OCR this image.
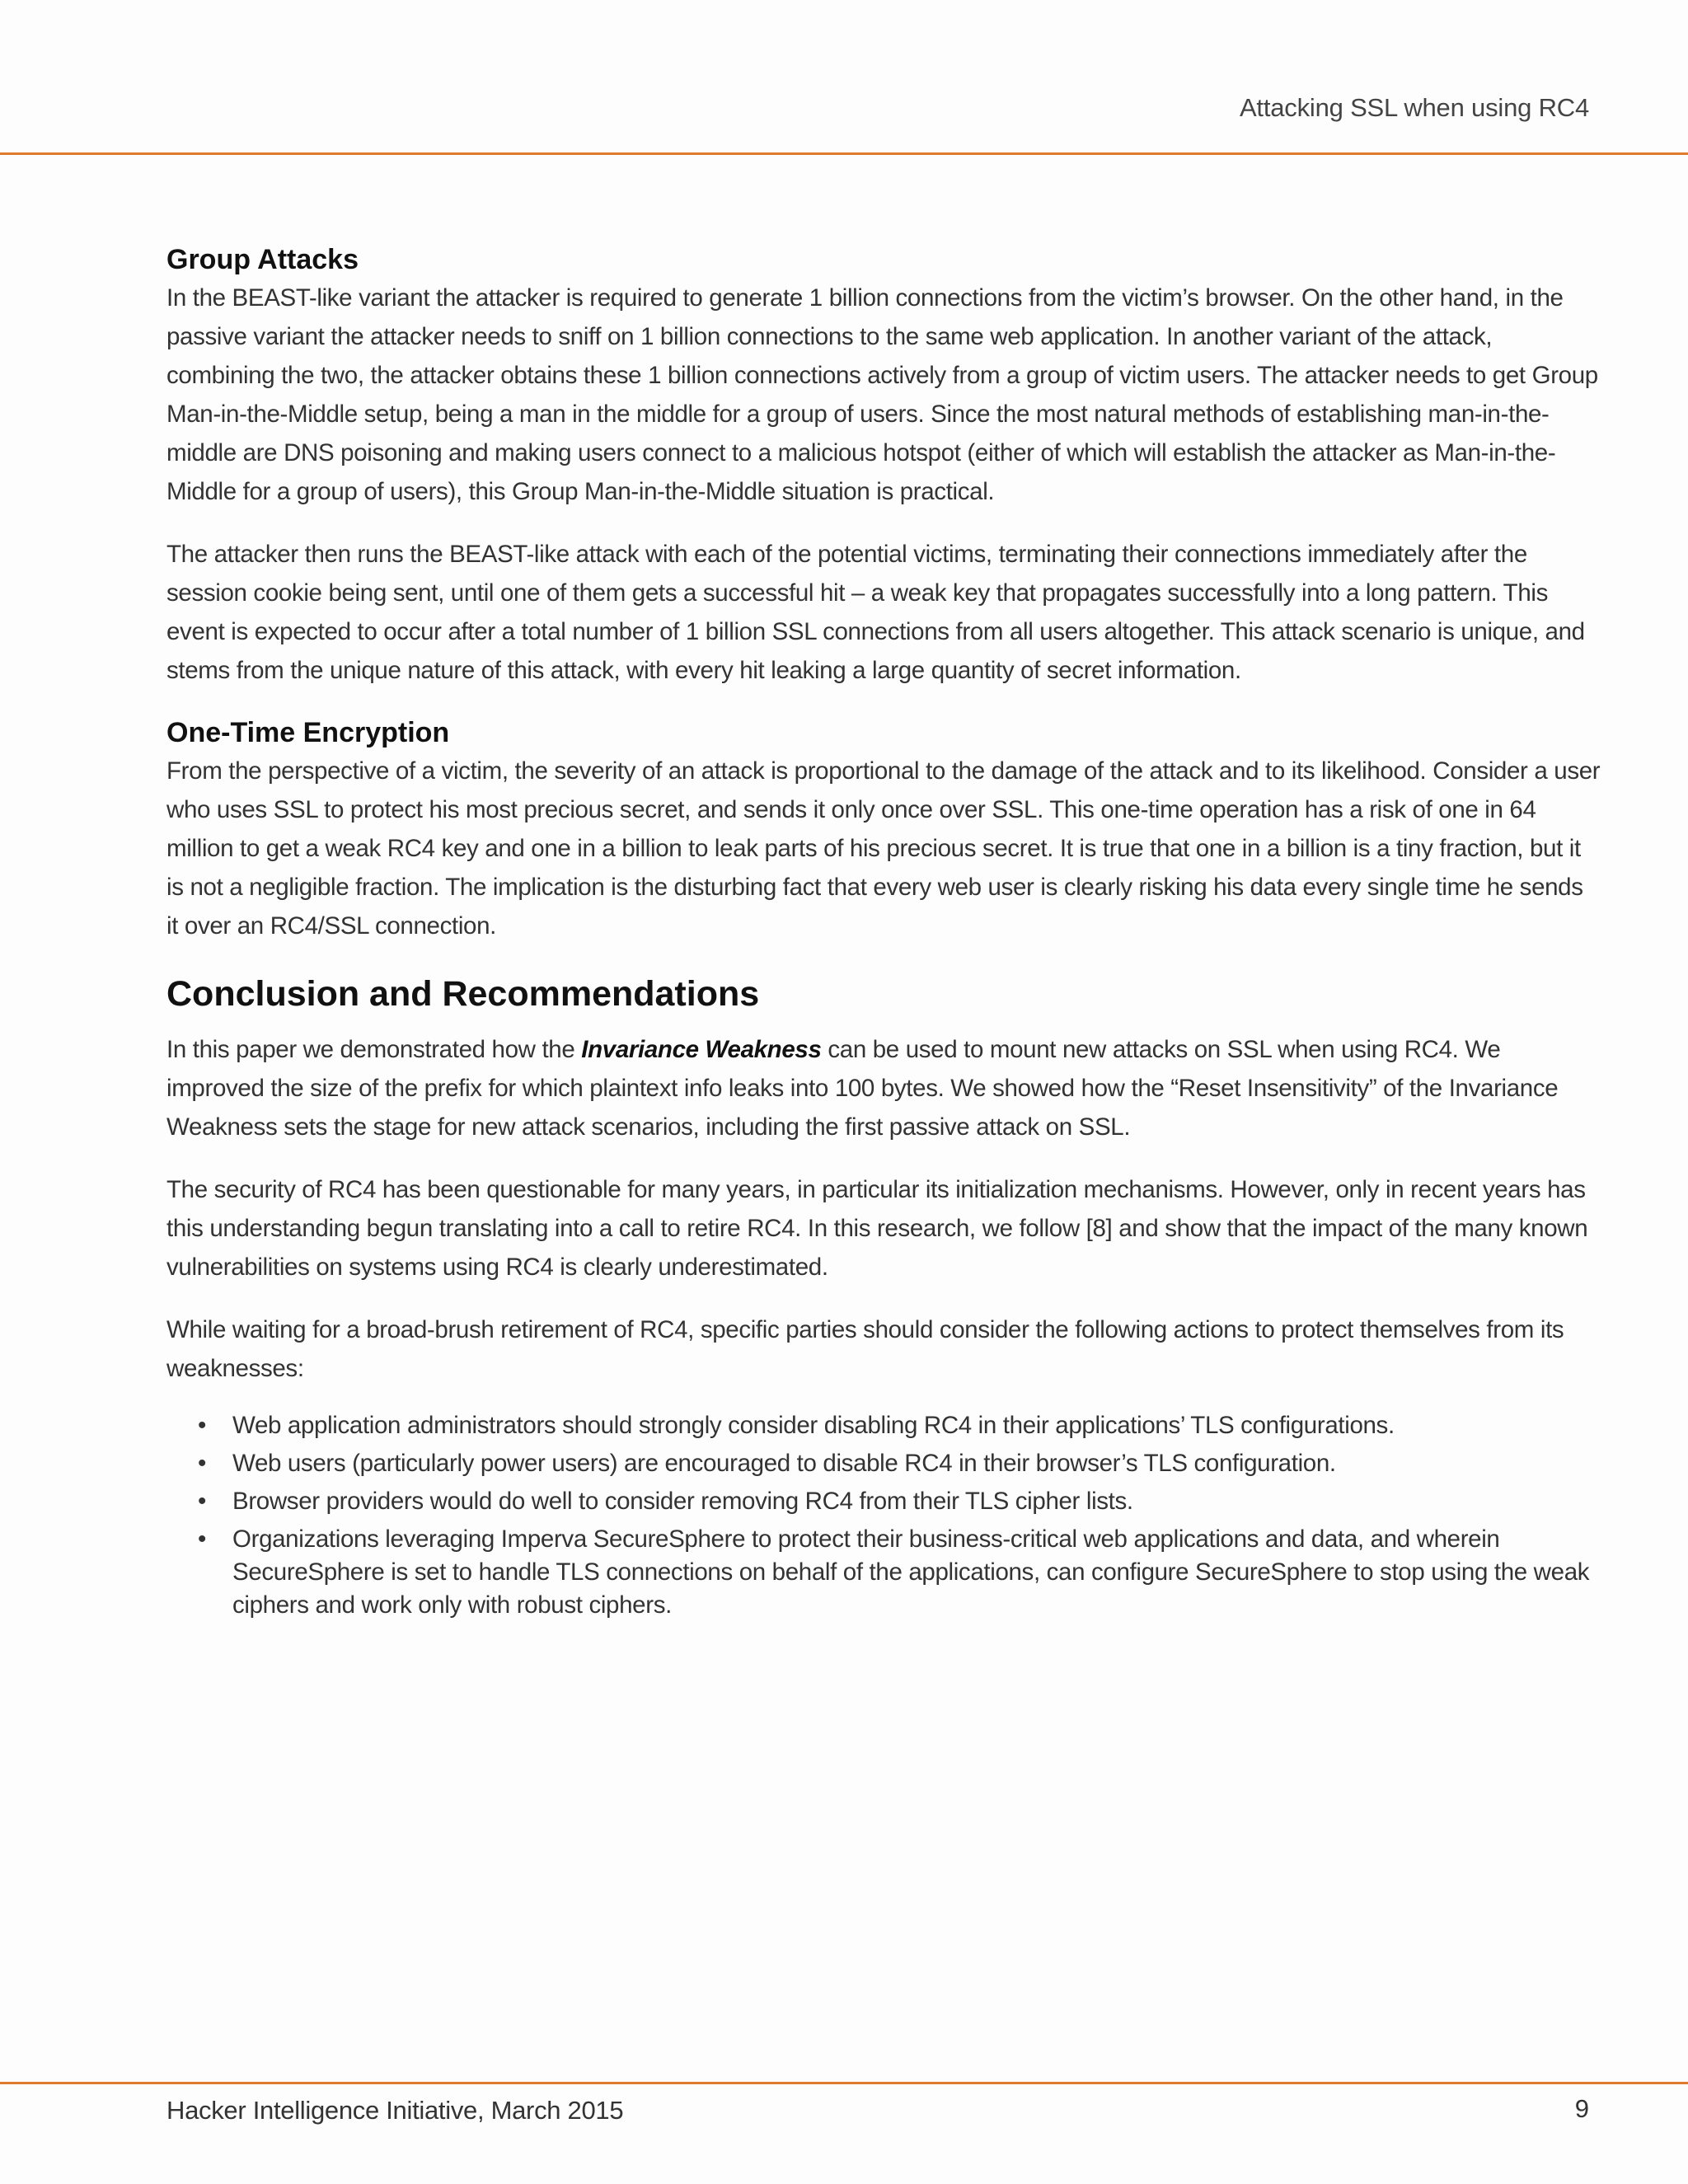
Attacking SSL when using RC4
Group Attacks

In the BEAST-like variant the attacker is required to generate 1 billion connections from the victim’s browser. On the other hand, in the passive variant the attacker needs to sniff on 1 billion connections to the same web application. In another variant of the attack, combining the two, the attacker obtains these 1 billion connections actively from a group of victim users. The attacker needs to get Group Man-in-the-Middle setup, being a man in the middle for a group of users. Since the most natural methods of establishing man-in-the-middle are DNS poisoning and making users connect to a malicious hotspot (either of which will establish the attacker as Man-in-the-Middle for a group of users), this Group Man-in-the-Middle situation is practical.

The attacker then runs the BEAST-like attack with each of the potential victims, terminating their connections immediately after the session cookie being sent, until one of them gets a successful hit – a weak key that propagates successfully into a long pattern. This event is expected to occur after a total number of 1 billion SSL connections from all users altogether. This attack scenario is unique, and stems from the unique nature of this attack, with every hit leaking a large quantity of secret information.

One-Time Encryption

From the perspective of a victim, the severity of an attack is proportional to the damage of the attack and to its likelihood. Consider a user who uses SSL to protect his most precious secret, and sends it only once over SSL. This one-time operation has a risk of one in 64 million to get a weak RC4 key and one in a billion to leak parts of his precious secret. It is true that one in a billion is a tiny fraction, but it is not a negligible fraction. The implication is the disturbing fact that every web user is clearly risking his data every single time he sends it over an RC4/SSL connection.

Conclusion and Recommendations

In this paper we demonstrated how the Invariance Weakness can be used to mount new attacks on SSL when using RC4. We improved the size of the prefix for which plaintext info leaks into 100 bytes. We showed how the “Reset Insensitivity” of the Invariance Weakness sets the stage for new attack scenarios, including the first passive attack on SSL.

The security of RC4 has been questionable for many years, in particular its initialization mechanisms. However, only in recent years has this understanding begun translating into a call to retire RC4. In this research, we follow [8] and show that the impact of the many known vulnerabilities on systems using RC4 is clearly underestimated.

While waiting for a broad-brush retirement of RC4, specific parties should consider the following actions to protect themselves from its weaknesses:

• Web application administrators should strongly consider disabling RC4 in their applications’ TLS configurations.
• Web users (particularly power users) are encouraged to disable RC4 in their browser’s TLS configuration.
• Browser providers would do well to consider removing RC4 from their TLS cipher lists.
• Organizations leveraging Imperva SecureSphere to protect their business-critical web applications and data, and wherein SecureSphere is set to handle TLS connections on behalf of the applications, can configure SecureSphere to stop using the weak ciphers and work only with robust ciphers.
Hacker Intelligence Initiative, March 2015	9
